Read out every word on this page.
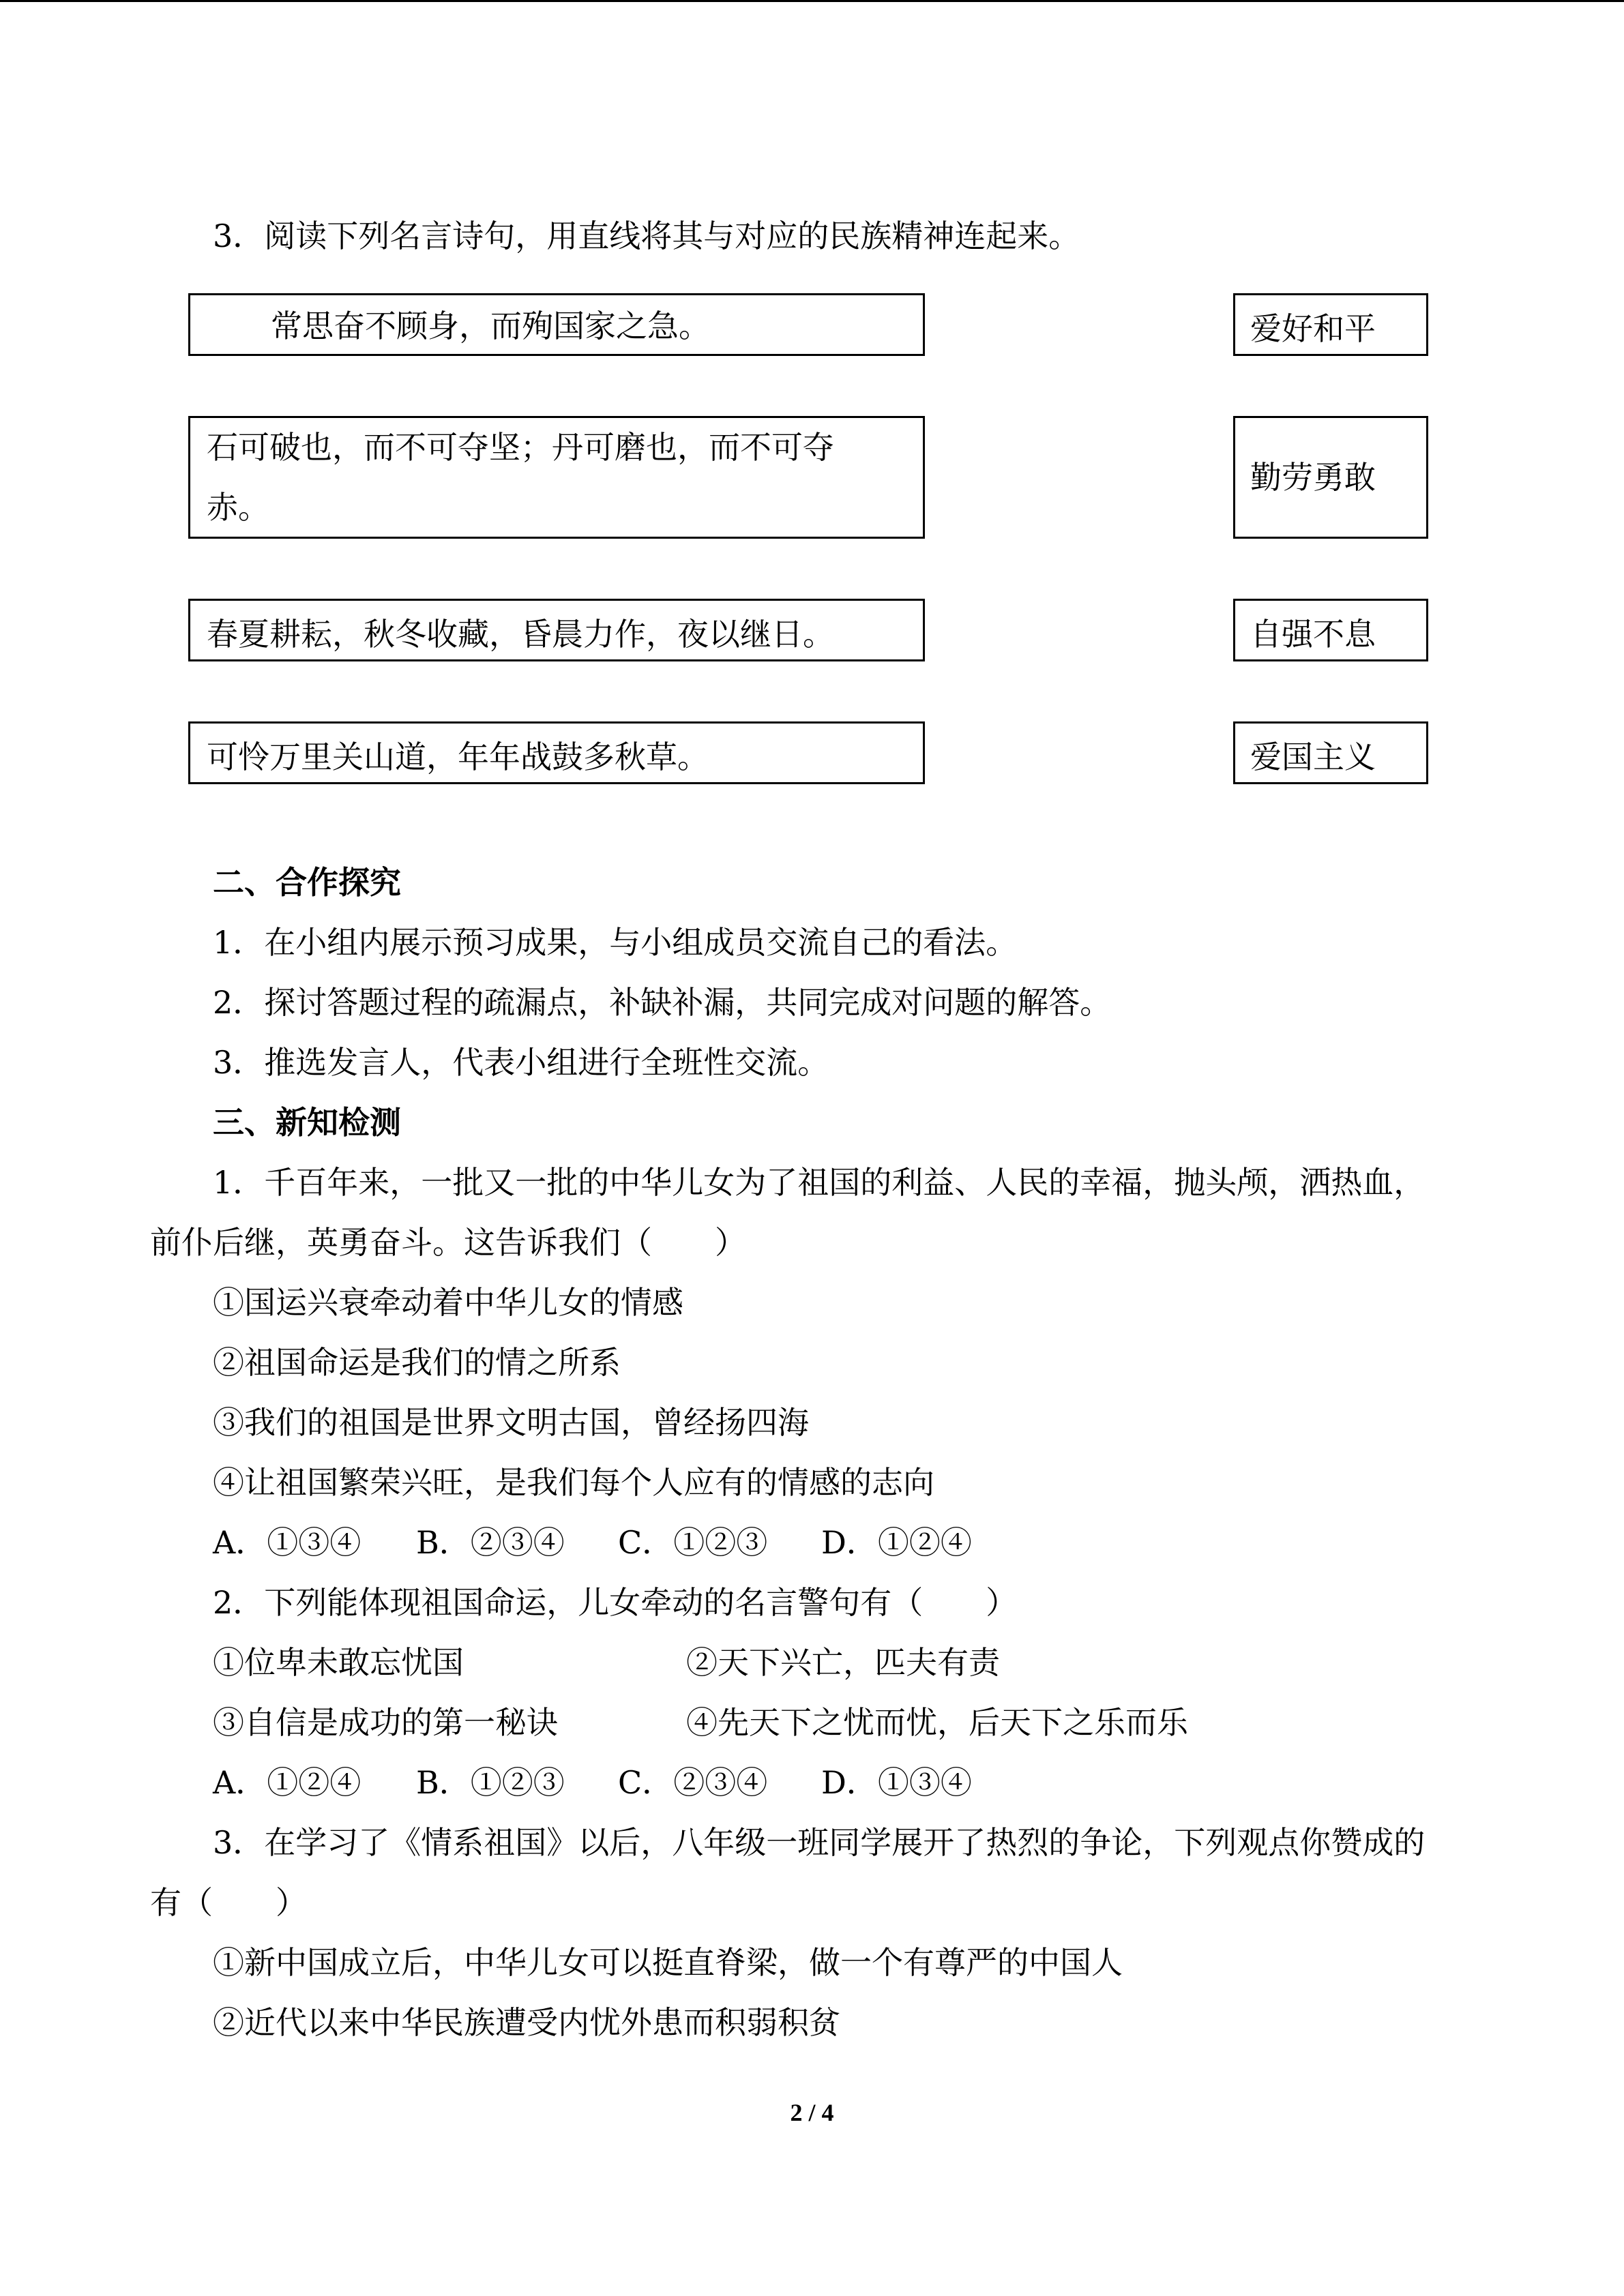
3．阅读下列名言诗句，用直线将其与对应的民族精神连起来。
常思奋不顾身，而殉国家之急。
石可破也，而不可夺坚；丹可磨也，而不可夺
赤。
春夏耕耘，秋冬收藏，昏晨力作，夜以继日。
可怜万里关山道，年年战鼓多秋草。
爱好和平
勤劳勇敢
自强不息
爱国主义
二、合作探究
1．在小组内展示预习成果，与小组成员交流自己的看法。
2．探讨答题过程的疏漏点，补缺补漏，共同完成对问题的解答。
3．推选发言人，代表小组进行全班性交流。
三、新知检测
1．千百年来，一批又一批的中华儿女为了祖国的利益、人民的幸福，抛头颅，洒热血，
前仆后继，英勇奋斗。这告诉我们（　　）
①国运兴衰牵动着中华儿女的情感
②祖国命运是我们的情之所系
③我们的祖国是世界文明古国，曾经扬四海
④让祖国繁荣兴旺，是我们每个人应有的情感的志向
A．①③④ B．②③④ C．①②③ D．①②④
2．下列能体现祖国命运，儿女牵动的名言警句有（　　）
①位卑未敢忘忧国	②天下兴亡，匹夫有责
③自信是成功的第一秘诀	④先天下之忧而忧，后天下之乐而乐
A．①②④ B．①②③ C．②③④ D．①③④
3．在学习了《情系祖国》以后，八年级一班同学展开了热烈的争论，下列观点你赞成的
有（　　）
①新中国成立后，中华儿女可以挺直脊梁，做一个有尊严的中国人
②近代以来中华民族遭受内忧外患而积弱积贫
2 / 4
